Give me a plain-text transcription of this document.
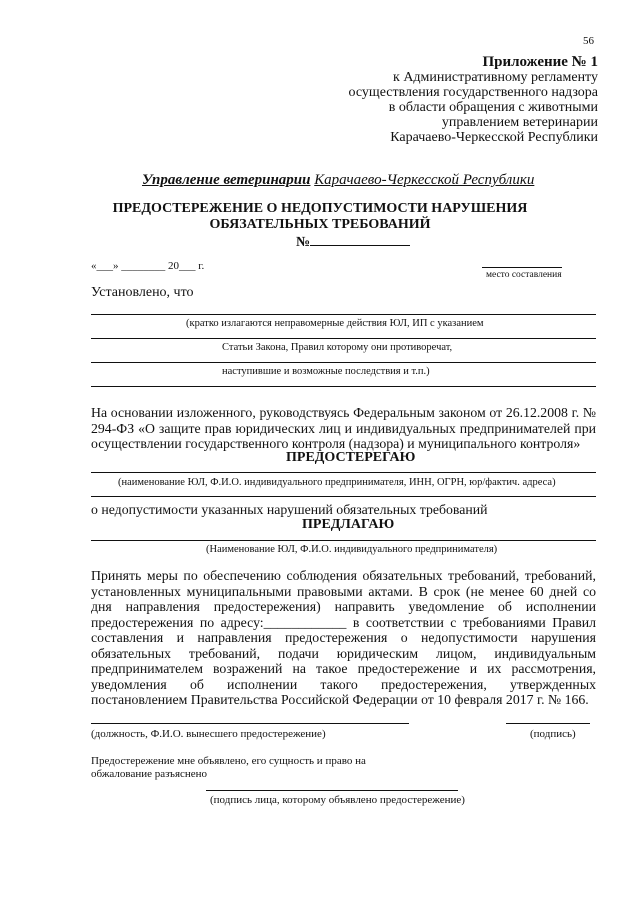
56
Приложение № 1
к Административному регламенту
осуществления государственного надзора
в области обращения с животными
управлением ветеринарии
Карачаево-Черкесской Республики
Управление ветеринарии Карачаево-Черкесской Республики
ПРЕДОСТЕРЕЖЕНИЕ О НЕДОПУСТИМОСТИ НАРУШЕНИЯ
ОБЯЗАТЕЛЬНЫХ ТРЕБОВАНИЙ
№
«___» ________ 20___ г.
место составления
Установлено, что
(кратко излагаются неправомерные действия ЮЛ, ИП с указанием
Статьи Закона, Правил которому они противоречат,
наступившие и возможные последствия и т.п.)
На основании изложенного, руководствуясь Федеральным законом от 26.12.2008 г. № 294-ФЗ «О защите прав юридических лиц и индивидуальных предпринимателей при осуществлении государственного контроля (надзора) и муниципального контроля»
ПРЕДОСТЕРЕГАЮ
(наименование ЮЛ, Ф.И.О. индивидуального предпринимателя, ИНН, ОГРН, юр/фактич. адреса)
о недопустимости указанных нарушений обязательных требований
ПРЕДЛАГАЮ
(Наименование ЮЛ, Ф.И.О. индивидуального предпринимателя)
Принять меры по обеспечению соблюдения обязательных требований, требований, установленных муниципальными правовыми актами. В срок (не менее 60 дней со дня направления предостережения) направить уведомление об исполнении предостережения по адресу:____________ в соответствии с требованиями Правил составления и направления предостережения о недопустимости нарушения обязательных требований, подачи юридическим лицом, индивидуальным предпринимателем возражений на такое предостережение и их рассмотрения, уведомления об исполнении такого предостережения, утвержденных постановлением Правительства Российской Федерации от 10 февраля 2017 г. № 166.
(должность, Ф.И.О. вынесшего предостережение)	(подпись)
Предостережение мне объявлено, его сущность и право на
обжалование разъяснено
(подпись лица, которому объявлено предостережение)
